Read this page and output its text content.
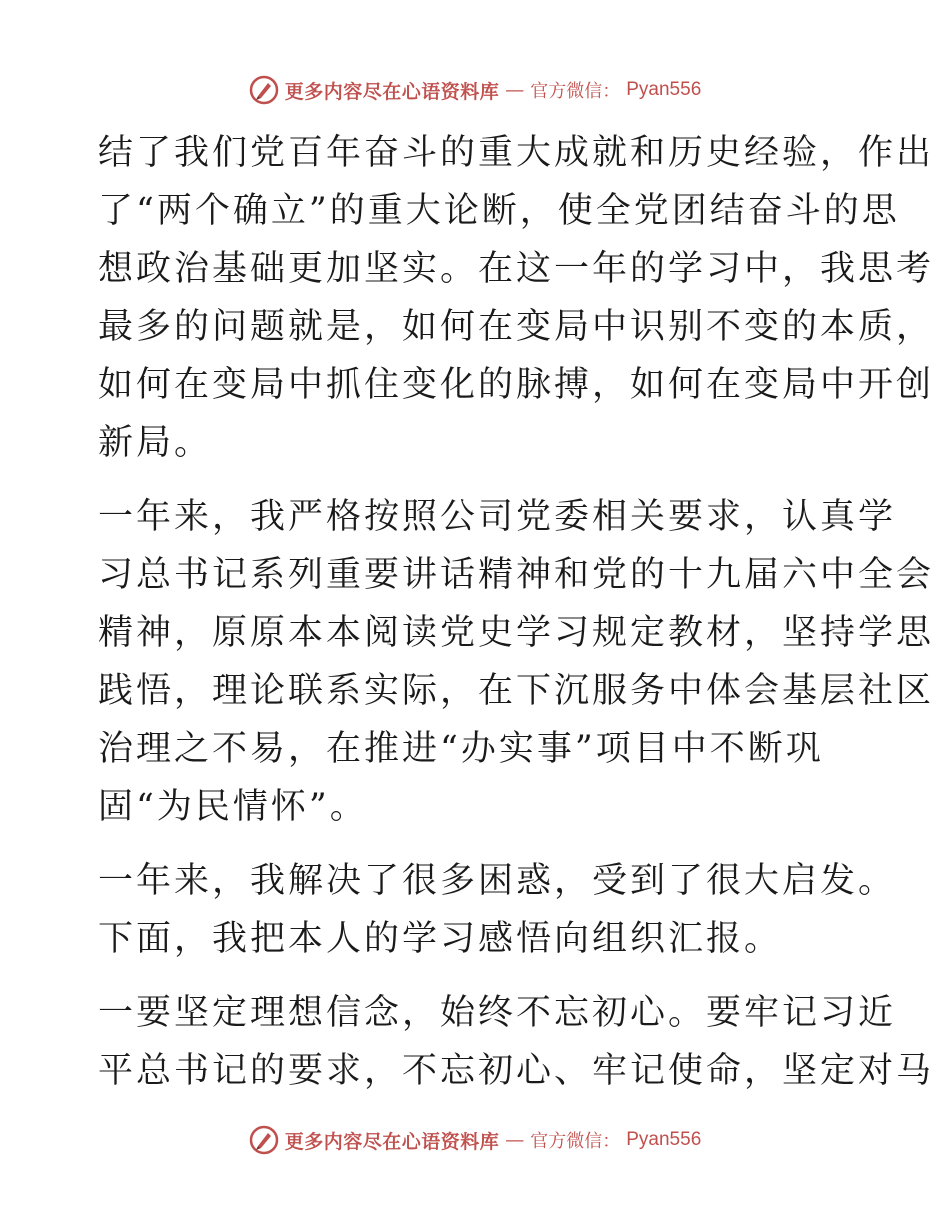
更多内容尽在心语资料库 — 官方微信： Pyan556

结了我们党百年奋斗的重大成就和历史经验，作出
了“两个确立”的重大论断，使全党团结奋斗的思
想政治基础更加坚实。在这一年的学习中，我思考
最多的问题就是，如何在变局中识别不变的本质，
如何在变局中抓住变化的脉搏，如何在变局中开创
新局。

一年来，我严格按照公司党委相关要求，认真学
习总书记系列重要讲话精神和党的十九届六中全会
精神，原原本本阅读党史学习规定教材，坚持学思
践悟，理论联系实际，在下沉服务中体会基层社区
治理之不易，在推进“办实事”项目中不断巩
固“为民情怀”。

一年来，我解决了很多困惑，受到了很大启发。
下面，我把本人的学习感悟向组织汇报。

一要坚定理想信念，始终不忘初心。要牢记习近
平总书记的要求，不忘初心、牢记使命，坚定对马

更多内容尽在心语资料库 — 官方微信： Pyan556
